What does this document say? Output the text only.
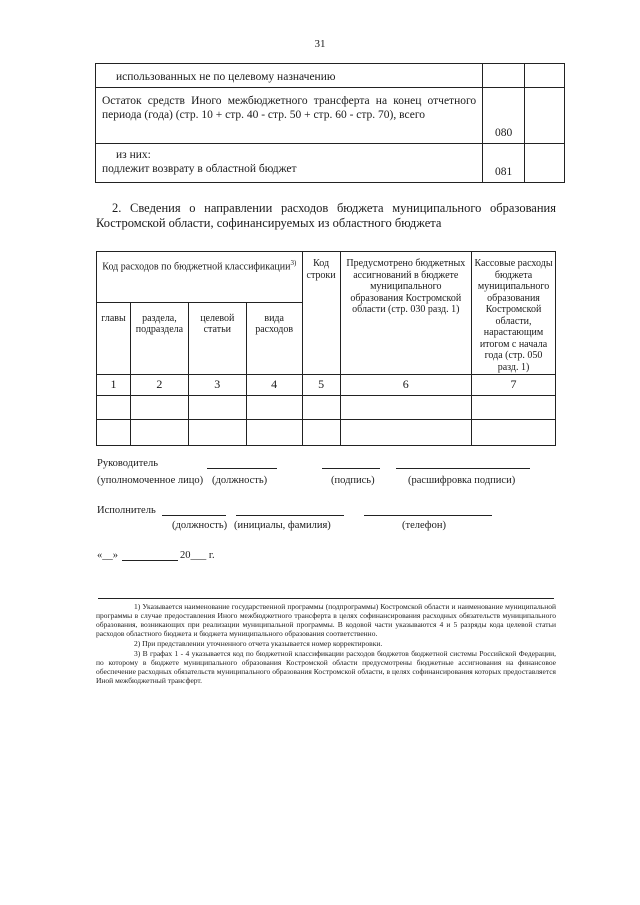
31
использованных не по целевому назначению		
Остаток средств Иного межбюджетного трансферта на конец отчетного периода (года) (стр. 10 + стр. 40 - стр. 50 + стр. 60 - стр. 70), всего	080	

из них:
подлежит возврату в областной бюджет	081	
2. Сведения о направлении расходов бюджета муниципального образования Костромской области, софинансируемых из областного бюджета
Код расходов по бюджетной классификации$^{3)}$				Код строки	Предусмотрено бюджетных ассигнований в бюджете муниципального образования Костромской области (стр. 030 разд. 1)	Кассовые расходы бюджета муниципального образования Костромской области, нарастающим итогом с начала года (стр. 050 разд. 1)
главы	раздела, подраздела	целевой статьи	вида расходов			
1	2	3	4	5	6	7

Руководитель
(уполномоченное лицо) (должность)	(подпись)	(расшифровка подписи)
Исполнитель
(должность) (инициалы, фамилия)	(телефон)
«__»	20___ г.

1) Указывается наименование государственной программы (подпрограммы) Костромской области и наименование муниципальной программы в случае предоставления Иного межбюджетного трансферта в целях софинансирования расходных обязательств муниципального образования, возникающих при реализации муниципальной программы. В кодовой части указываются 4 и 5 разряды кода целевой статьи расходов областного бюджета и бюджета муниципального образования соответственно.

2) При представлении уточненного отчета указывается номер корректировки.

3) В графах 1 - 4 указывается код по бюджетной классификации расходов бюджетов бюджетной системы Российской Федерации, по которому в бюджете муниципального образования Костромской области предусмотрены бюджетные ассигнования на финансовое обеспечение расходных обязательств муниципального образования Костромской области, в целях софинансирования которых предоставляется Иной межбюджетный трансферт.
